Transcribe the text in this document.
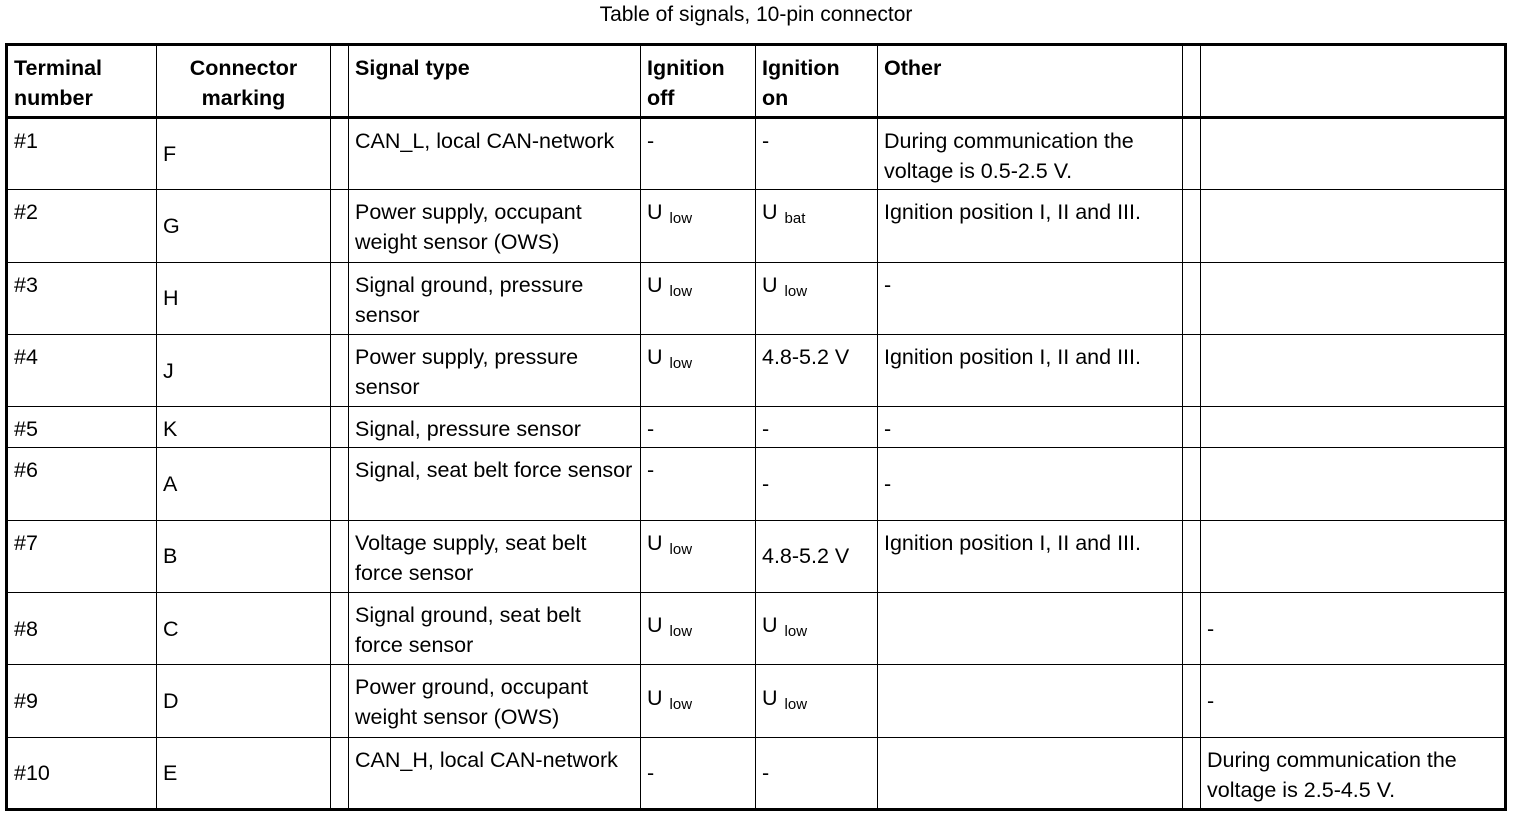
Table of signals, 10-pin connector
Terminal number	Connector marking		Signal type	Ignition off	Ignition on	Other		
#1	F		CAN_L, local CAN-network	-	-	During communication the voltage is 0.5-2.5 V.		
#2	G		Power supply, occupant weight sensor (OWS)	U low	U bat	Ignition position I, II and III.		
#3	H		Signal ground, pressure sensor	U low	U low	-		
#4	J		Power supply, pressure sensor	U low	4.8-5.2 V	Ignition position I, II and III.		
#5	K		Signal, pressure sensor	-	-	-		
#6	A		Signal, seat belt force sensor	-	-	-		
#7	B		Voltage supply, seat belt force sensor	U low	4.8-5.2 V	Ignition position I, II and III.		
#8	C		Signal ground, seat belt force sensor	U low	U low			-
#9	D		Power ground, occupant weight sensor (OWS)	U low	U low			-
#10	E		CAN_H, local CAN-network	-	-			During communication the voltage is 2.5-4.5 V.
